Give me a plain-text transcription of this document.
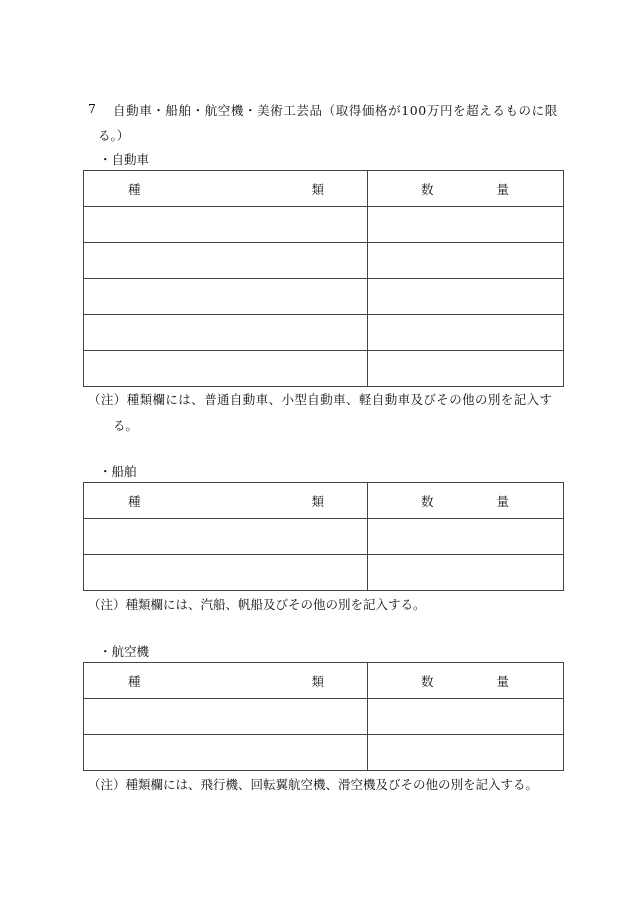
7 自動車・船舶・航空機・美術工芸品（取得価格が100万円を超えるものに限
る。）
・自動車
種 類	数 量

（注）種類欄には、普通自動車、小型自動車、軽自動車及びその他の別を記入す
る。
・船舶
種 類	数 量

（注）種類欄には、汽船、帆船及びその他の別を記入する。
・航空機
種 類	数 量

（注）種類欄には、飛行機、回転翼航空機、滑空機及びその他の別を記入する。
